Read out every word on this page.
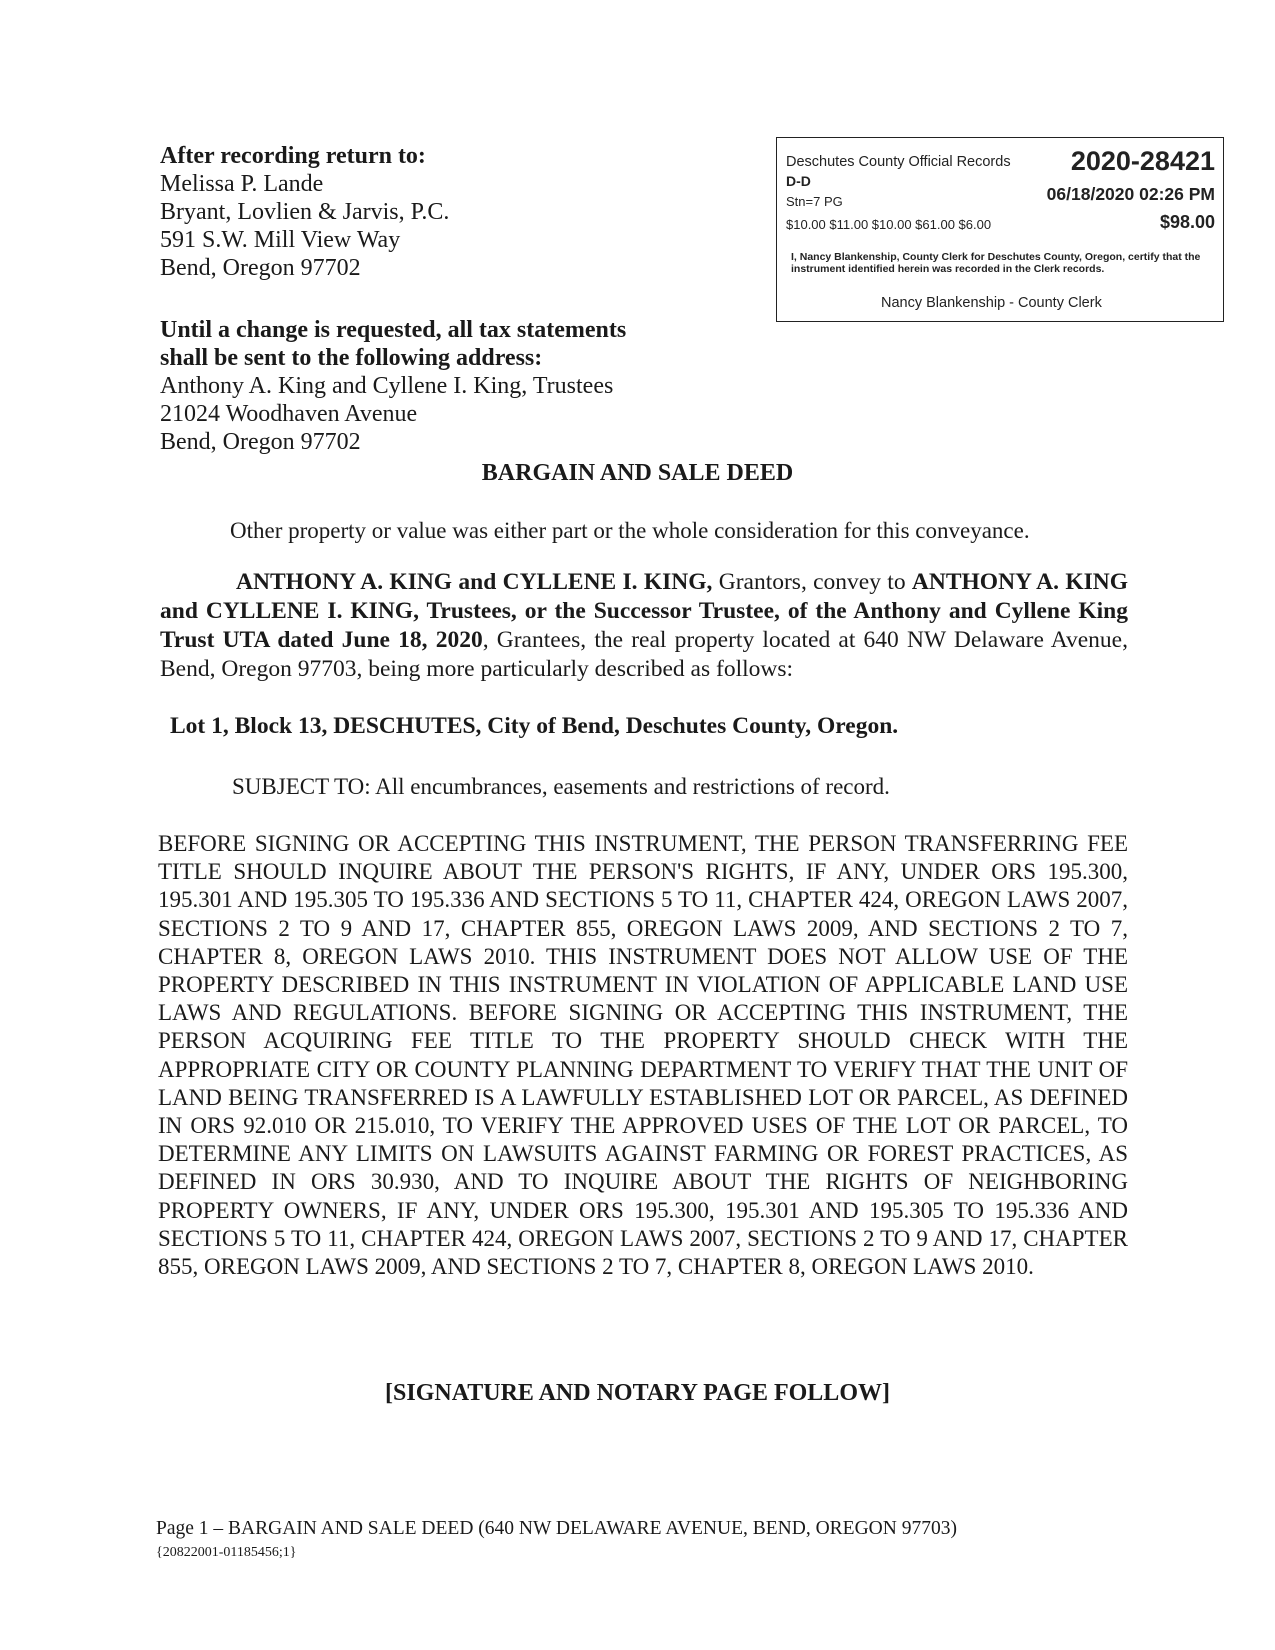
After recording return to:
Melissa P. Lande
Bryant, Lovlien & Jarvis, P.C.
591 S.W. Mill View Way
Bend, Oregon 97702
Until a change is requested, all tax statements
shall be sent to the following address:
Anthony A. King and Cyllene I. King, Trustees
21024 Woodhaven Avenue
Bend, Oregon 97702
Deschutes County Official Records 2020-28421
D-D
Stn=7 PG	06/18/2020 02:26 PM
$10.00 $11.00 $10.00 $61.00 $6.00	$98.00
I, Nancy Blankenship, County Clerk for Deschutes County, Oregon, certify that the instrument identified herein was recorded in the Clerk records.
Nancy Blankenship - County Clerk
BARGAIN AND SALE DEED
Other property or value was either part or the whole consideration for this conveyance.
ANTHONY A. KING and CYLLENE I. KING, Grantors, convey to ANTHONY A. KING and CYLLENE I. KING, Trustees, or the Successor Trustee, of the Anthony and Cyllene King Trust UTA dated June 18, 2020, Grantees, the real property located at 640 NW Delaware Avenue, Bend, Oregon 97703, being more particularly described as follows:
Lot 1, Block 13, DESCHUTES, City of Bend, Deschutes County, Oregon.
SUBJECT TO: All encumbrances, easements and restrictions of record.
BEFORE SIGNING OR ACCEPTING THIS INSTRUMENT, THE PERSON TRANSFERRING FEE TITLE SHOULD INQUIRE ABOUT THE PERSON'S RIGHTS, IF ANY, UNDER ORS 195.300, 195.301 AND 195.305 TO 195.336 AND SECTIONS 5 TO 11, CHAPTER 424, OREGON LAWS 2007, SECTIONS 2 TO 9 AND 17, CHAPTER 855, OREGON LAWS 2009, AND SECTIONS 2 TO 7, CHAPTER 8, OREGON LAWS 2010. THIS INSTRUMENT DOES NOT ALLOW USE OF THE PROPERTY DESCRIBED IN THIS INSTRUMENT IN VIOLATION OF APPLICABLE LAND USE LAWS AND REGULATIONS. BEFORE SIGNING OR ACCEPTING THIS INSTRUMENT, THE PERSON ACQUIRING FEE TITLE TO THE PROPERTY SHOULD CHECK WITH THE APPROPRIATE CITY OR COUNTY PLANNING DEPARTMENT TO VERIFY THAT THE UNIT OF LAND BEING TRANSFERRED IS A LAWFULLY ESTABLISHED LOT OR PARCEL, AS DEFINED IN ORS 92.010 OR 215.010, TO VERIFY THE APPROVED USES OF THE LOT OR PARCEL, TO DETERMINE ANY LIMITS ON LAWSUITS AGAINST FARMING OR FOREST PRACTICES, AS DEFINED IN ORS 30.930, AND TO INQUIRE ABOUT THE RIGHTS OF NEIGHBORING PROPERTY OWNERS, IF ANY, UNDER ORS 195.300, 195.301 AND 195.305 TO 195.336 AND SECTIONS 5 TO 11, CHAPTER 424, OREGON LAWS 2007, SECTIONS 2 TO 9 AND 17, CHAPTER 855, OREGON LAWS 2009, AND SECTIONS 2 TO 7, CHAPTER 8, OREGON LAWS 2010.
[SIGNATURE AND NOTARY PAGE FOLLOW]
Page 1 – BARGAIN AND SALE DEED (640 NW DELAWARE AVENUE, BEND, OREGON 97703)
{20822001-01185456;1}
